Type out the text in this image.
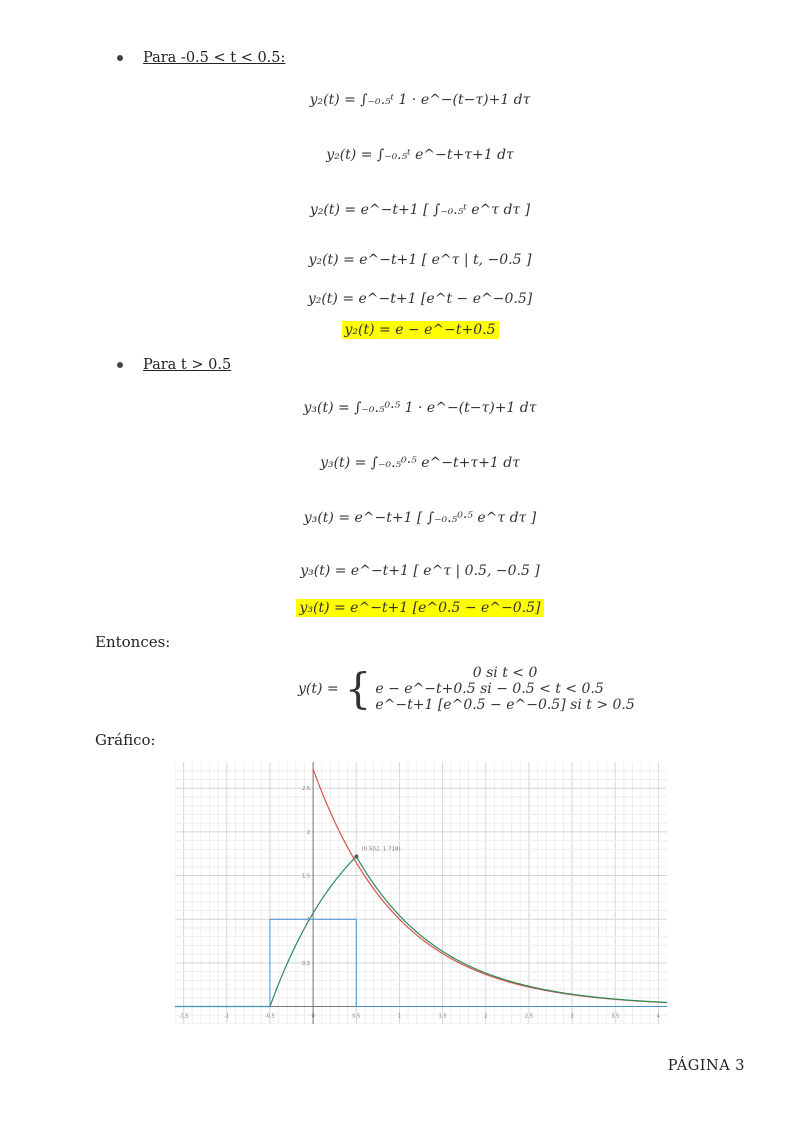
Para -0.5 < t < 0.5:
y₂(t) = ∫₋₀.₅ᵗ 1 · e^−(t−τ)+1 dτ
y₂(t) = ∫₋₀.₅ᵗ e^−t+τ+1 dτ
y₂(t) = e^−t+1 [ ∫₋₀.₅ᵗ e^τ dτ ]
y₂(t) = e^−t+1 [ e^τ | t, −0.5 ]
y₂(t) = e^−t+1 [e^t − e^−0.5]
y₂(t) = e − e^−t+0.5
Para t > 0.5
y₃(t) = ∫₋₀.₅⁰·⁵ 1 · e^−(t−τ)+1 dτ
y₃(t) = ∫₋₀.₅⁰·⁵ e^−t+τ+1 dτ
y₃(t) = e^−t+1 [ ∫₋₀.₅⁰·⁵ e^τ dτ ]
y₃(t) = e^−t+1 [ e^τ | 0.5, −0.5 ]
y₃(t) = e^−t+1 [e^0.5 − e^−0.5]
Entonces:
y(t) = {	0 si t < 0
e − e^−t+0.5 si − 0.5 < t < 0.5
e^−t+1 [e^0.5 − e^−0.5] si t > 0.5
Gráfico:
-1.5	-1	-0.5	0	0.5	1	1.5	2	2.5	3	3.5	4
0.5
1
1.5
2
2.5
(0.502, 1.718)
PÁGINA 3
